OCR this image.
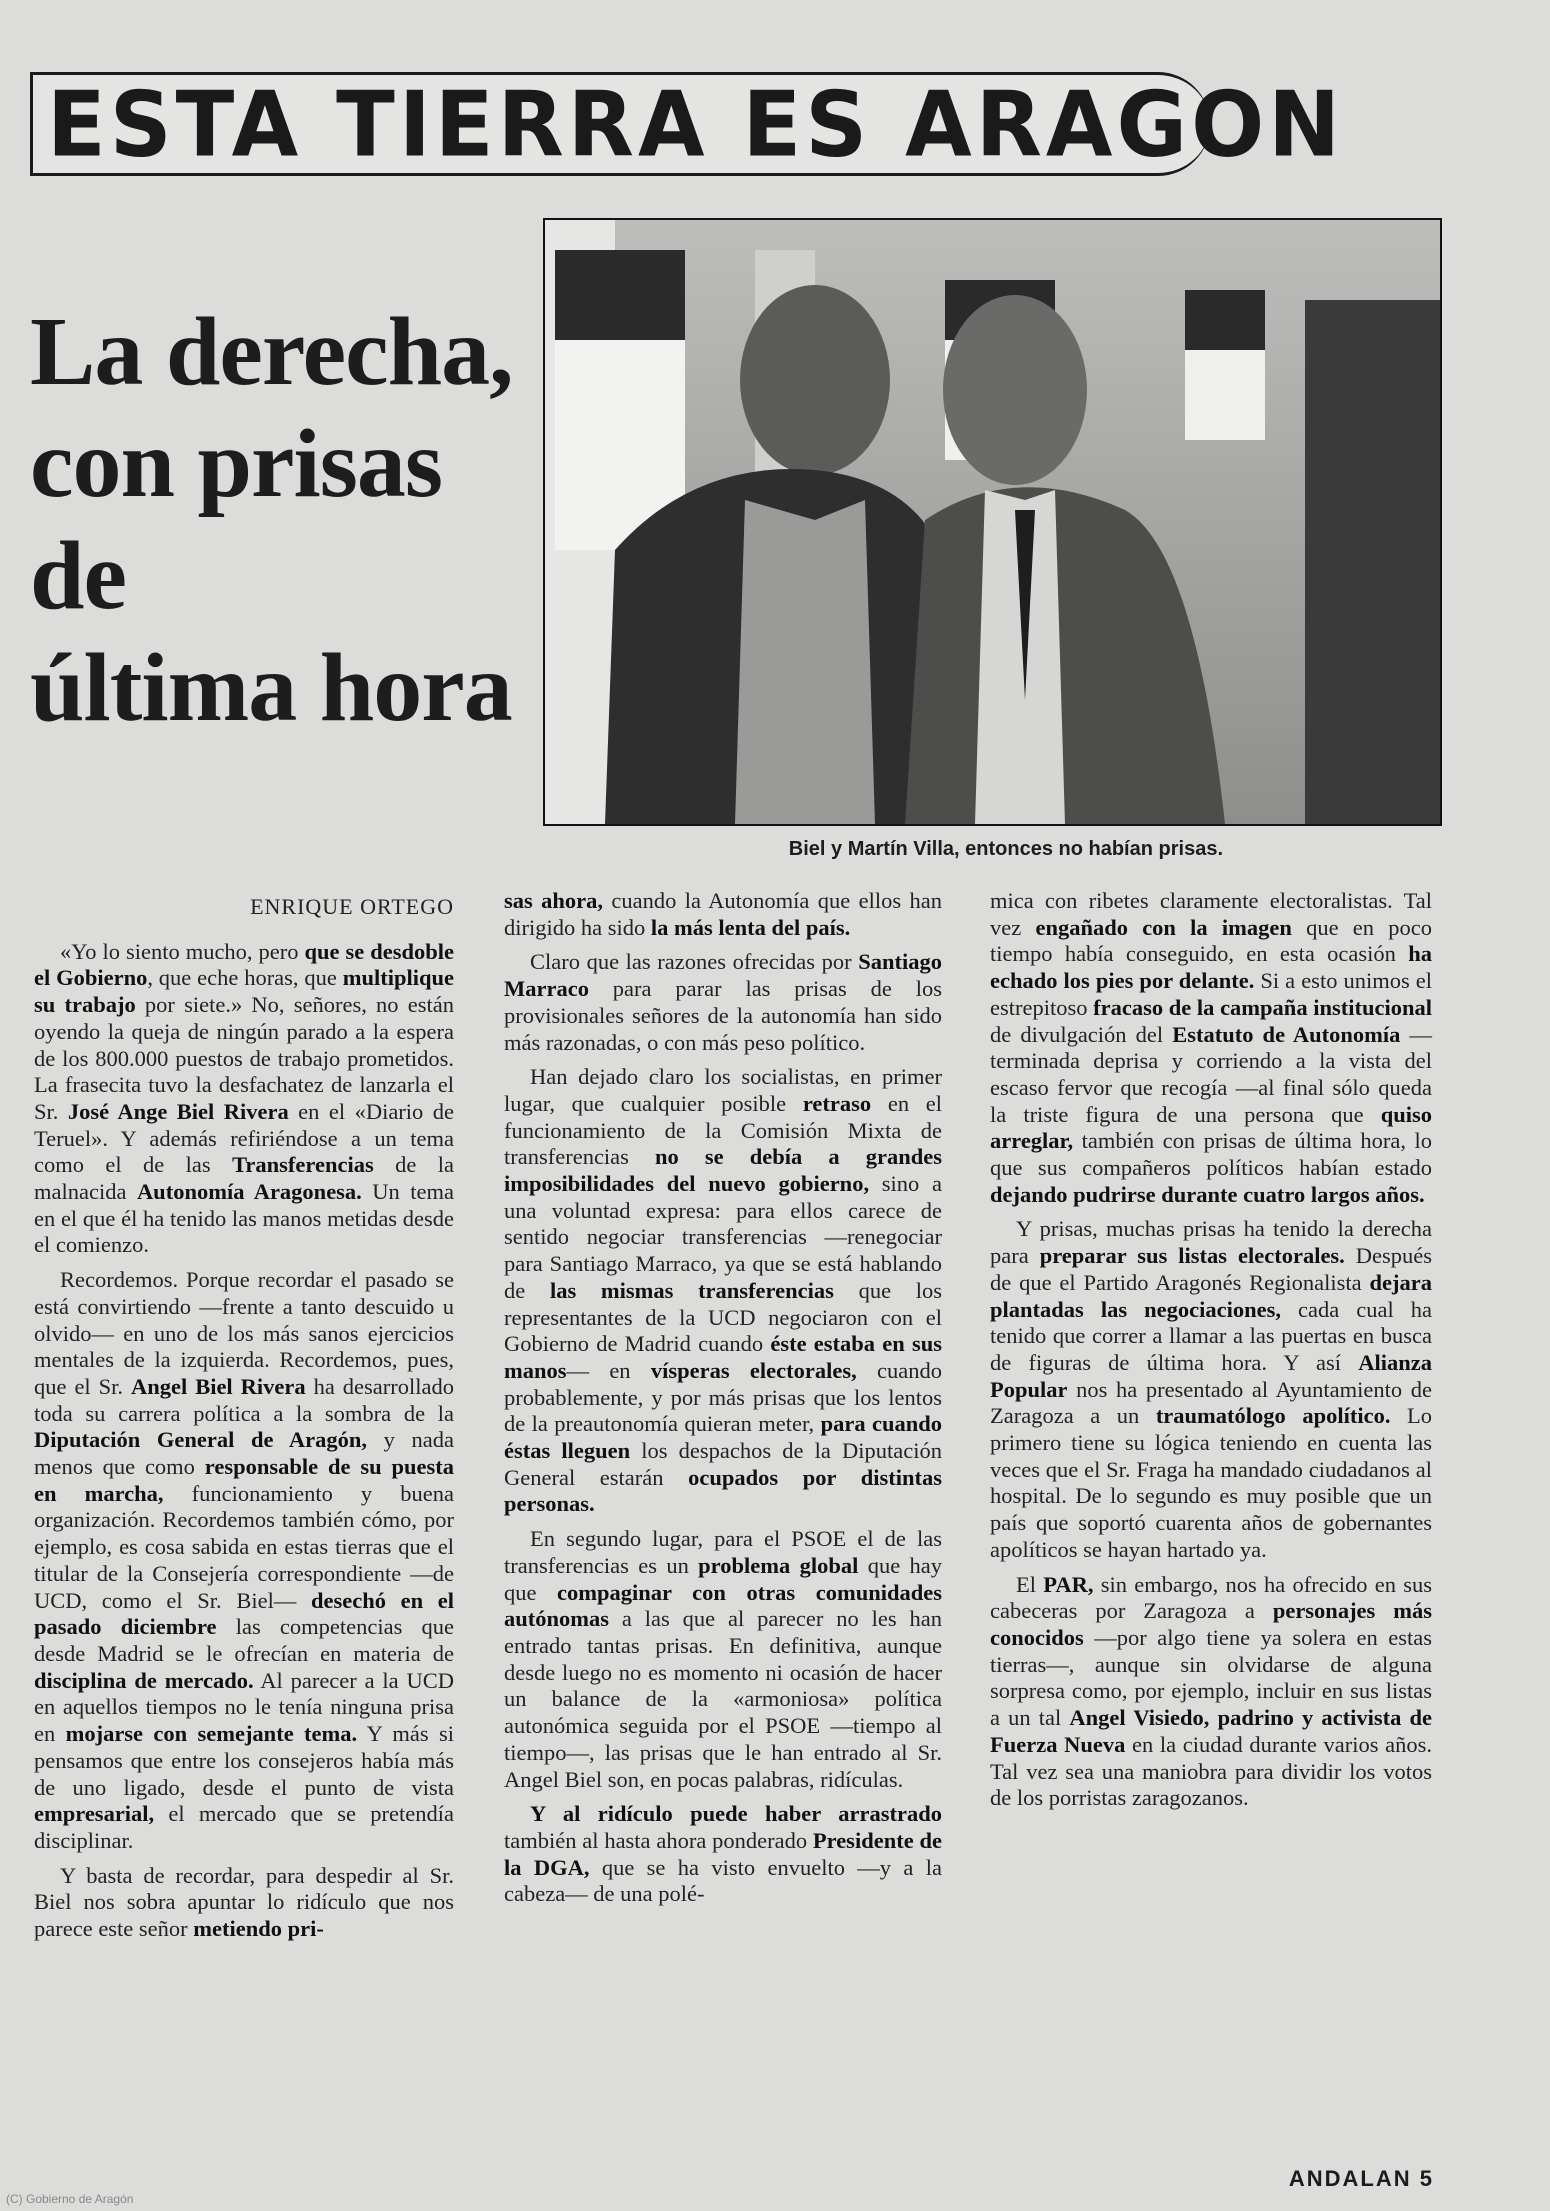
ESTA TIERRA ES ARAGON
La derecha,
con prisas
de
última hora
Biel y Martín Villa, entonces no habían prisas.

ENRIQUE ORTEGO

«Yo lo siento mucho, pero que se desdoble el Gobierno, que eche horas, que multiplique su trabajo por siete.» No, señores, no están oyendo la queja de ningún parado a la espera de los 800.000 puestos de trabajo prometidos. La frasecita tuvo la desfachatez de lanzarla el Sr. José Ange Biel Rivera en el «Diario de Teruel». Y además refiriéndose a un tema como el de las Transferencias de la malnacida Autonomía Aragonesa. Un tema en el que él ha tenido las manos metidas desde el comienzo.

Recordemos. Porque recordar el pasado se está convirtiendo —frente a tanto descuido u olvido— en uno de los más sanos ejercicios mentales de la izquierda. Recordemos, pues, que el Sr. Angel Biel Rivera ha desarrollado toda su carrera política a la sombra de la Diputación General de Aragón, y nada menos que como responsable de su puesta en marcha, funcionamiento y buena organización. Recordemos también cómo, por ejemplo, es cosa sabida en estas tierras que el titular de la Consejería correspondiente —de UCD, como el Sr. Biel— desechó en el pasado diciembre las competencias que desde Madrid se le ofrecían en materia de disciplina de mercado. Al parecer a la UCD en aquellos tiempos no le tenía ninguna prisa en mojarse con semejante tema. Y más si pensamos que entre los consejeros había más de uno ligado, desde el punto de vista empresarial, el mercado que se pretendía disciplinar.

Y basta de recordar, para despedir al Sr. Biel nos sobra apuntar lo ridículo que nos parece este señor metiendo pri-

sas ahora, cuando la Autonomía que ellos han dirigido ha sido la más lenta del país.

Claro que las razones ofrecidas por Santiago Marraco para parar las prisas de los provisionales señores de la autonomía han sido más razonadas, o con más peso político.

Han dejado claro los socialistas, en primer lugar, que cualquier posible retraso en el funcionamiento de la Comisión Mixta de transferencias no se debía a grandes imposibilidades del nuevo gobierno, sino a una voluntad expresa: para ellos carece de sentido negociar transferencias —renegociar para Santiago Marraco, ya que se está hablando de las mismas transferencias que los representantes de la UCD negociaron con el Gobierno de Madrid cuando éste estaba en sus manos— en vísperas electorales, cuando probablemente, y por más prisas que los lentos de la preautonomía quieran meter, para cuando éstas lleguen los despachos de la Diputación General estarán ocupados por distintas personas.

En segundo lugar, para el PSOE el de las transferencias es un problema global que hay que compaginar con otras comunidades autónomas a las que al parecer no les han entrado tantas prisas. En definitiva, aunque desde luego no es momento ni ocasión de hacer un balance de la «armoniosa» política autonómica seguida por el PSOE —tiempo al tiempo—, las prisas que le han entrado al Sr. Angel Biel son, en pocas palabras, ridículas.

Y al ridículo puede haber arrastrado también al hasta ahora ponderado Presidente de la DGA, que se ha visto envuelto —y a la cabeza— de una polé-

mica con ribetes claramente electoralistas. Tal vez engañado con la imagen que en poco tiempo había conseguido, en esta ocasión ha echado los pies por delante. Si a esto unimos el estrepitoso fracaso de la campaña institucional de divulgación del Estatuto de Autonomía —terminada deprisa y corriendo a la vista del escaso fervor que recogía —al final sólo queda la triste figura de una persona que quiso arreglar, también con prisas de última hora, lo que sus compañeros políticos habían estado dejando pudrirse durante cuatro largos años.

Y prisas, muchas prisas ha tenido la derecha para preparar sus listas electorales. Después de que el Partido Aragonés Regionalista dejara plantadas las negociaciones, cada cual ha tenido que correr a llamar a las puertas en busca de figuras de última hora. Y así Alianza Popular nos ha presentado al Ayuntamiento de Zaragoza a un traumatólogo apolítico. Lo primero tiene su lógica teniendo en cuenta las veces que el Sr. Fraga ha mandado ciudadanos al hospital. De lo segundo es muy posible que un país que soportó cuarenta años de gobernantes apolíticos se hayan hartado ya.

El PAR, sin embargo, nos ha ofrecido en sus cabeceras por Zaragoza a personajes más conocidos —por algo tiene ya solera en estas tierras—, aunque sin olvidarse de alguna sorpresa como, por ejemplo, incluir en sus listas a un tal Angel Visiedo, padrino y activista de Fuerza Nueva en la ciudad durante varios años. Tal vez sea una maniobra para dividir los votos de los porristas zaragozanos.

ANDALAN 5
(C) Gobierno de Aragón
